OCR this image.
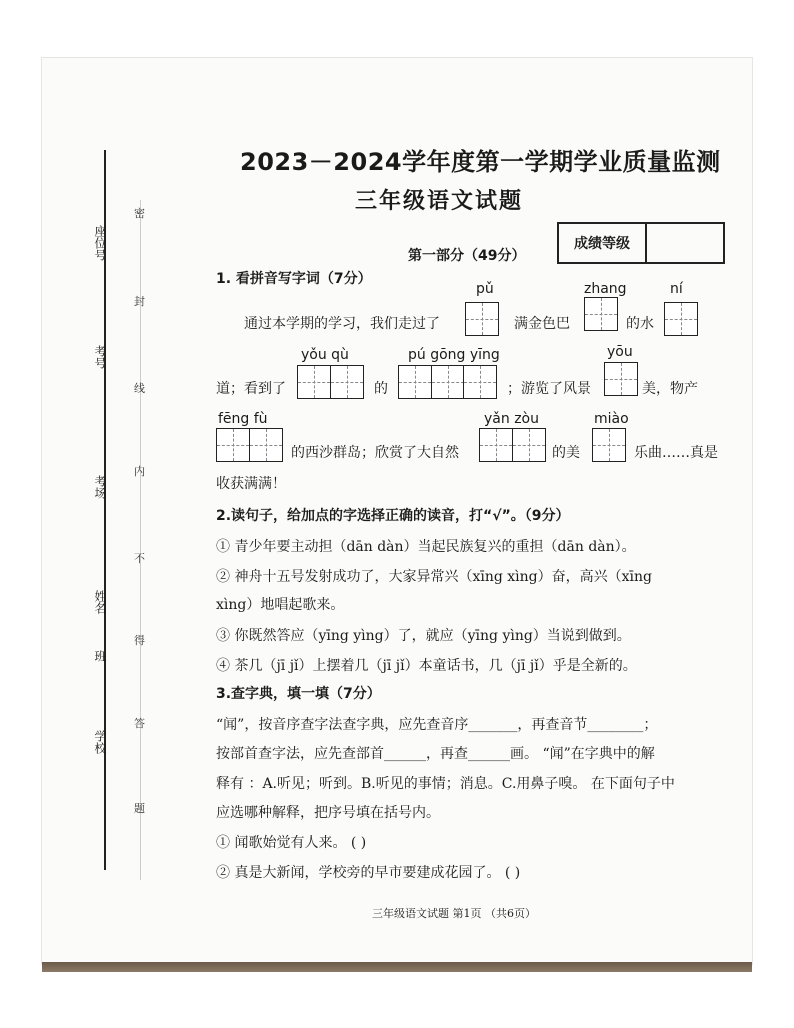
座位号
考号
考场
姓名
班
学校
密
封
线
内
不
得
答
题
2023－2024学年度第一学期学业质量监测
三年级语文试题
成绩等级
第一部分（49分）
1. 看拼音写字词（7分）
pǔ	zhang	ní
通过本学期的学习，我们走过了	满金色巴	的水
yǒu qù	pú gōng yīng	yōu
道；看到了	的	；游览了风景	美，物产
fēng fù	yǎn zòu	miào
的西沙群岛；欣赏了大自然	的美	乐曲……真是
收获满满！
2.读句子，给加点的字选择正确的读音，打“√”。（9分）
① 青少年要主动担（dān dàn）当起民族复兴的重担（dān dàn）。
② 神舟十五号发射成功了，大家异常兴（xīng xìng）奋，高兴（xīng
xìng）地唱起歌来。
③ 你既然答应（yīng yìng）了，就应（yīng yìng）当说到做到。
④ 茶几（jī jǐ）上摆着几（jī jǐ）本童话书，几（jī jǐ）乎是全新的。
3.查字典，填一填（7分）
“闻”，按音序查字法查字典，应先查音序_______，再查音节________；
按部首查字法，应先查部首______，再查______画。 “闻”在字典中的解
释有 ：A.听见；听到。B.听见的事情；消息。C.用鼻子嗅。 在下面句子中
应选哪种解释，把序号填在括号内。
① 闻歌始觉有人来。 ( )
② 真是大新闻，学校旁的早市要建成花园了。 ( )
三年级语文试题 第1页 （共6页）
